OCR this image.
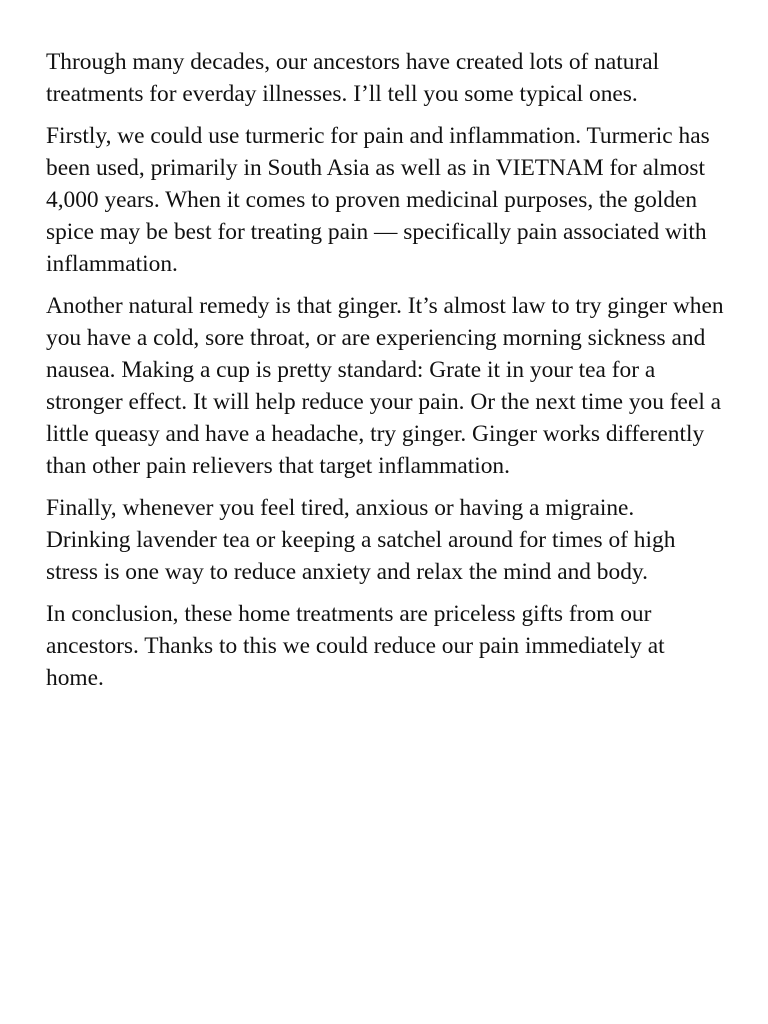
Through many decades, our ancestors have created lots of natural treatments for everday illnesses. I’ll tell you some typical ones.

Firstly, we could use turmeric for pain and inflammation. Turmeric has been used, primarily in South Asia as well as in VIETNAM for almost 4,000 years. When it comes to proven medicinal purposes, the golden spice may be best for treating pain — specifically pain associated with inflammation.

Another natural remedy is that ginger. It’s almost law to try ginger when you have a cold, sore throat, or are experiencing morning sickness and nausea. Making a cup is pretty standard: Grate it in your tea for a stronger effect. It will help reduce your pain. Or the next time you feel a little queasy and have a headache, try ginger. Ginger works differently than other pain relievers that target inflammation.

Finally, whenever you feel tired, anxious or having a migraine. Drinking lavender tea or keeping a satchel around for times of high stress is one way to reduce anxiety and relax the mind and body.

In conclusion, these home treatments are priceless gifts from our ancestors. Thanks to this we could reduce our pain immediately at home.
